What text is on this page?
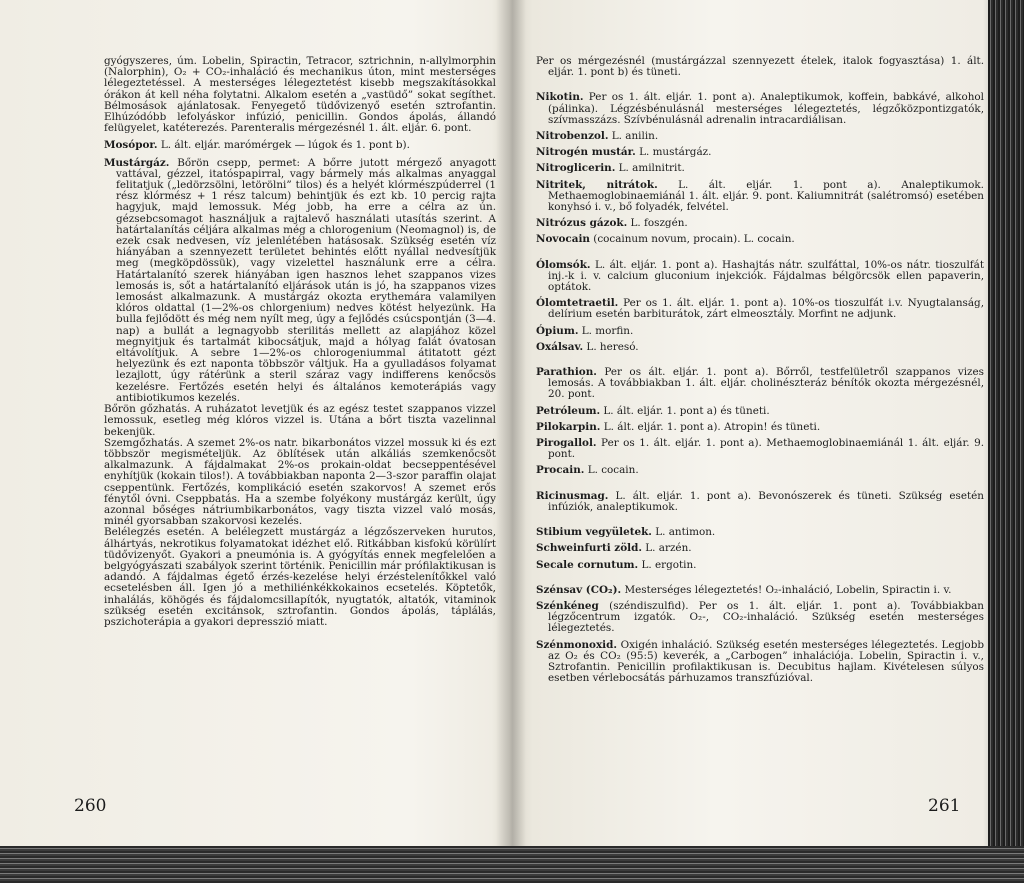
gyógyszeres, úm. Lobelin, Spiractin, Tetracor, sztrichnin, n-allylmorphin (Nalorphin), O₂ + CO₂-inhaláció és mechanikus úton, mint mesterséges lélegeztetéssel. A mesterséges lélegeztetést kisebb megszakításokkal órákon át kell néha folytatni. Alkalom esetén a „vastüdő” sokat segíthet. Bélmosások ajánlatosak. Fenyegető tüdővizenyő esetén sztrofantin. Elhúzódóbb lefolyáskor infúzió, penicillin. Gondos ápolás, állandó felügyelet, katéterezés. Parenteralis mérgezésnél 1. ált. eljár. 6. pont.

Mosópor. L. ált. eljár. marómérgek — lúgok és 1. pont b).

Mustárgáz. Bőrön csepp, permet: A bőrre jutott mérgező anyagott vattával, gézzel, itatóspapirral, vagy bármely más alkalmas anyaggal felitatjuk („ledörzsölni, letörölni” tilos) és a helyét klórmészpúderrel (1 rész klórmész + 1 rész talcum) behintjük és ezt kb. 10 percig rajta hagyjuk, majd lemossuk. Még jobb, ha erre a célra az ún. gézsebcsomagot használjuk a rajtalevő használati utasítás szerint. A határtalanítás céljára alkalmas még a chlorogenium (Neomagnol) is, de ezek csak nedvesen, víz jelenlétében hatásosak. Szükség esetén víz hiányában a szennyezett területet behintés előtt nyállal nedvesítjük meg (megköpdössük), vagy vizelettel használunk erre a célra. Határtalanító szerek hiányában igen hasznos lehet szappanos vizes lemosás is, sőt a határtalanító eljárások után is jó, ha szappanos vizes lemosást alkalmazunk. A mustárgáz okozta erythemára valamilyen klóros oldattal (1—2%-os chlorgenium) nedves kötést helyezünk. Ha bulla fejlődött és még nem nyílt meg, úgy a fejlődés csúcspontján (3—4. nap) a bullát a legnagyobb sterilitás mellett az alapjához közel megnyitjuk és tartalmát kibocsátjuk, majd a hólyag falát óvatosan eltávolítjuk. A sebre 1—2%-os chlorogeniummal átitatott gézt helyezünk és ezt naponta többször váltjuk. Ha a gyulladásos folyamat lezajlott, úgy rátérünk a steril száraz vagy indifferens kenőcsös kezelésre. Fertőzés esetén helyi és általános kemoterápiás vagy antibiotikumos kezelés.

Bőrön gőzhatás. A ruházatot levetjük és az egész testet szappanos vizzel lemossuk, esetleg még klóros vizzel is. Utána a bőrt tiszta vazelinnal bekenjük.

Szemgőzhatás. A szemet 2%-os natr. bikarbonátos vizzel mossuk ki és ezt többször megismételjük. Az öblítések után alkáliás szemkenőcsöt alkalmazunk. A fájdalmakat 2%-os prokain-oldat becseppentésével enyhítjük (kokain tilos!). A továbbiakban naponta 2—3-szor paraffin olajat cseppentünk. Fertőzés, komplikáció esetén szakorvos! A szemet erős fénytől óvni. Cseppbatás. Ha a szembe folyékony mustárgáz került, úgy azonnal bőséges nátriumbikarbonátos, vagy tiszta vizzel való mosás, minél gyorsabban szakorvosi kezelés.

Belélegzés esetén. A belélegzett mustárgáz a légzőszerveken hurutos, álhártyás, nekrotikus folyamatokat idézhet elő. Ritkábban kisfokú körülírt tüdővizenyőt. Gyakori a pneumónia is. A gyógyítás ennek megfelelően a belgyógyászati szabályok szerint történik. Penicillin már prófilaktikusan is adandó. A fájdalmas égető érzés-kezelése helyi érzéstelenítőkkel való ecsetelésben áll. Igen jó a methiliénkékkokainos ecsetelés. Köptetők, inhalálás, köhögés és fájdalomcsillapítók, nyugtatók, altatók, vitaminok szükség esetén excitánsok, sztrofantin. Gondos ápolás, táplálás, pszichoterápia a gyakori depresszió miatt.

Per os mérgezésnél (mustárgázzal szennyezett ételek, italok fogyasztása) 1. ált. eljár. 1. pont b) és tüneti.

Nikotin. Per os 1. ált. eljár. 1. pont a). Analeptikumok, koffein, babkávé, alkohol (pálinka). Légzésbénulásnál mesterséges lélegeztetés, légzőközpontizgatók, szívmasszázs. Szívbénulásnál adrenalin intracardiálisan.

Nitrobenzol. L. anilin.

Nitrogén mustár. L. mustárgáz.

Nitroglicerin. L. amilnitrit.

Nitritek, nitrátok. L. ált. eljár. 1. pont a). Analeptikumok. Methaemoglobinaemiánál 1. ált. eljár. 9. pont. Kaliumnitrát (salétromsó) esetében konyhsó i. v., bő folyadék, felvétel.

Nitrózus gázok. L. foszgén.

Novocain (cocainum novum, procain). L. cocain.

Ólomsók. L. ált. eljár. 1. pont a). Hashajtás nátr. szulfáttal, 10%-os nátr. tioszulfát inj.-k i. v. calcium gluconium injekciók. Fájdalmas bélgörcsök ellen papaverin, optátok.

Ólomtetraetil. Per os 1. ált. eljár. 1. pont a). 10%-os tioszulfát i.v. Nyugtalanság, delírium esetén barbiturátok, zárt elmeosztály. Morfint ne adjunk.

Ópium. L. morfin.

Oxálsav. L. heresó.

Parathion. Per os ált. eljár. 1. pont a). Bőrről, testfelületről szappanos vizes lemosás. A továbbiakban 1. ált. eljár. cholinészteráz bénítók okozta mérgezésnél, 20. pont.

Petróleum. L. ált. eljár. 1. pont a) és tüneti.

Pilokarpin. L. ált. eljár. 1. pont a). Atropin! és tüneti.

Pirogallol. Per os 1. ált. eljár. 1. pont a). Methaemoglobinaemiánál 1. ált. eljár. 9. pont.

Procain. L. cocain.

Ricinusmag. L. ált. eljár. 1. pont a). Bevonószerek és tüneti. Szükség esetén infúziók, analeptikumok.

Stibium vegyületek. L. antimon.

Schweinfurti zöld. L. arzén.

Secale cornutum. L. ergotin.

Szénsav (CO₂). Mesterséges lélegeztetés! O₂-inhaláció, Lobelin, Spiractin i. v.

Szénkéneg (széndiszulfid). Per os 1. ált. eljár. 1. pont a). Továbbiakban légzőcentrum izgatók. O₂-, CO₂-inhaláció. Szükség esetén mesterséges lélegeztetés.

Szénmonoxid. Oxigén inhaláció. Szükség esetén mesterséges lélegeztetés. Legjobb az O₂ és CO₂ (95:5) keverék, a „Carbogen” inhalációja. Lobelin, Spiractin i. v., Sztrofantin. Penicillin profilaktikusan is. Decubitus hajlam. Kivételesen súlyos esetben vérlebocsátás párhuzamos transzfúzióval.

260	261
